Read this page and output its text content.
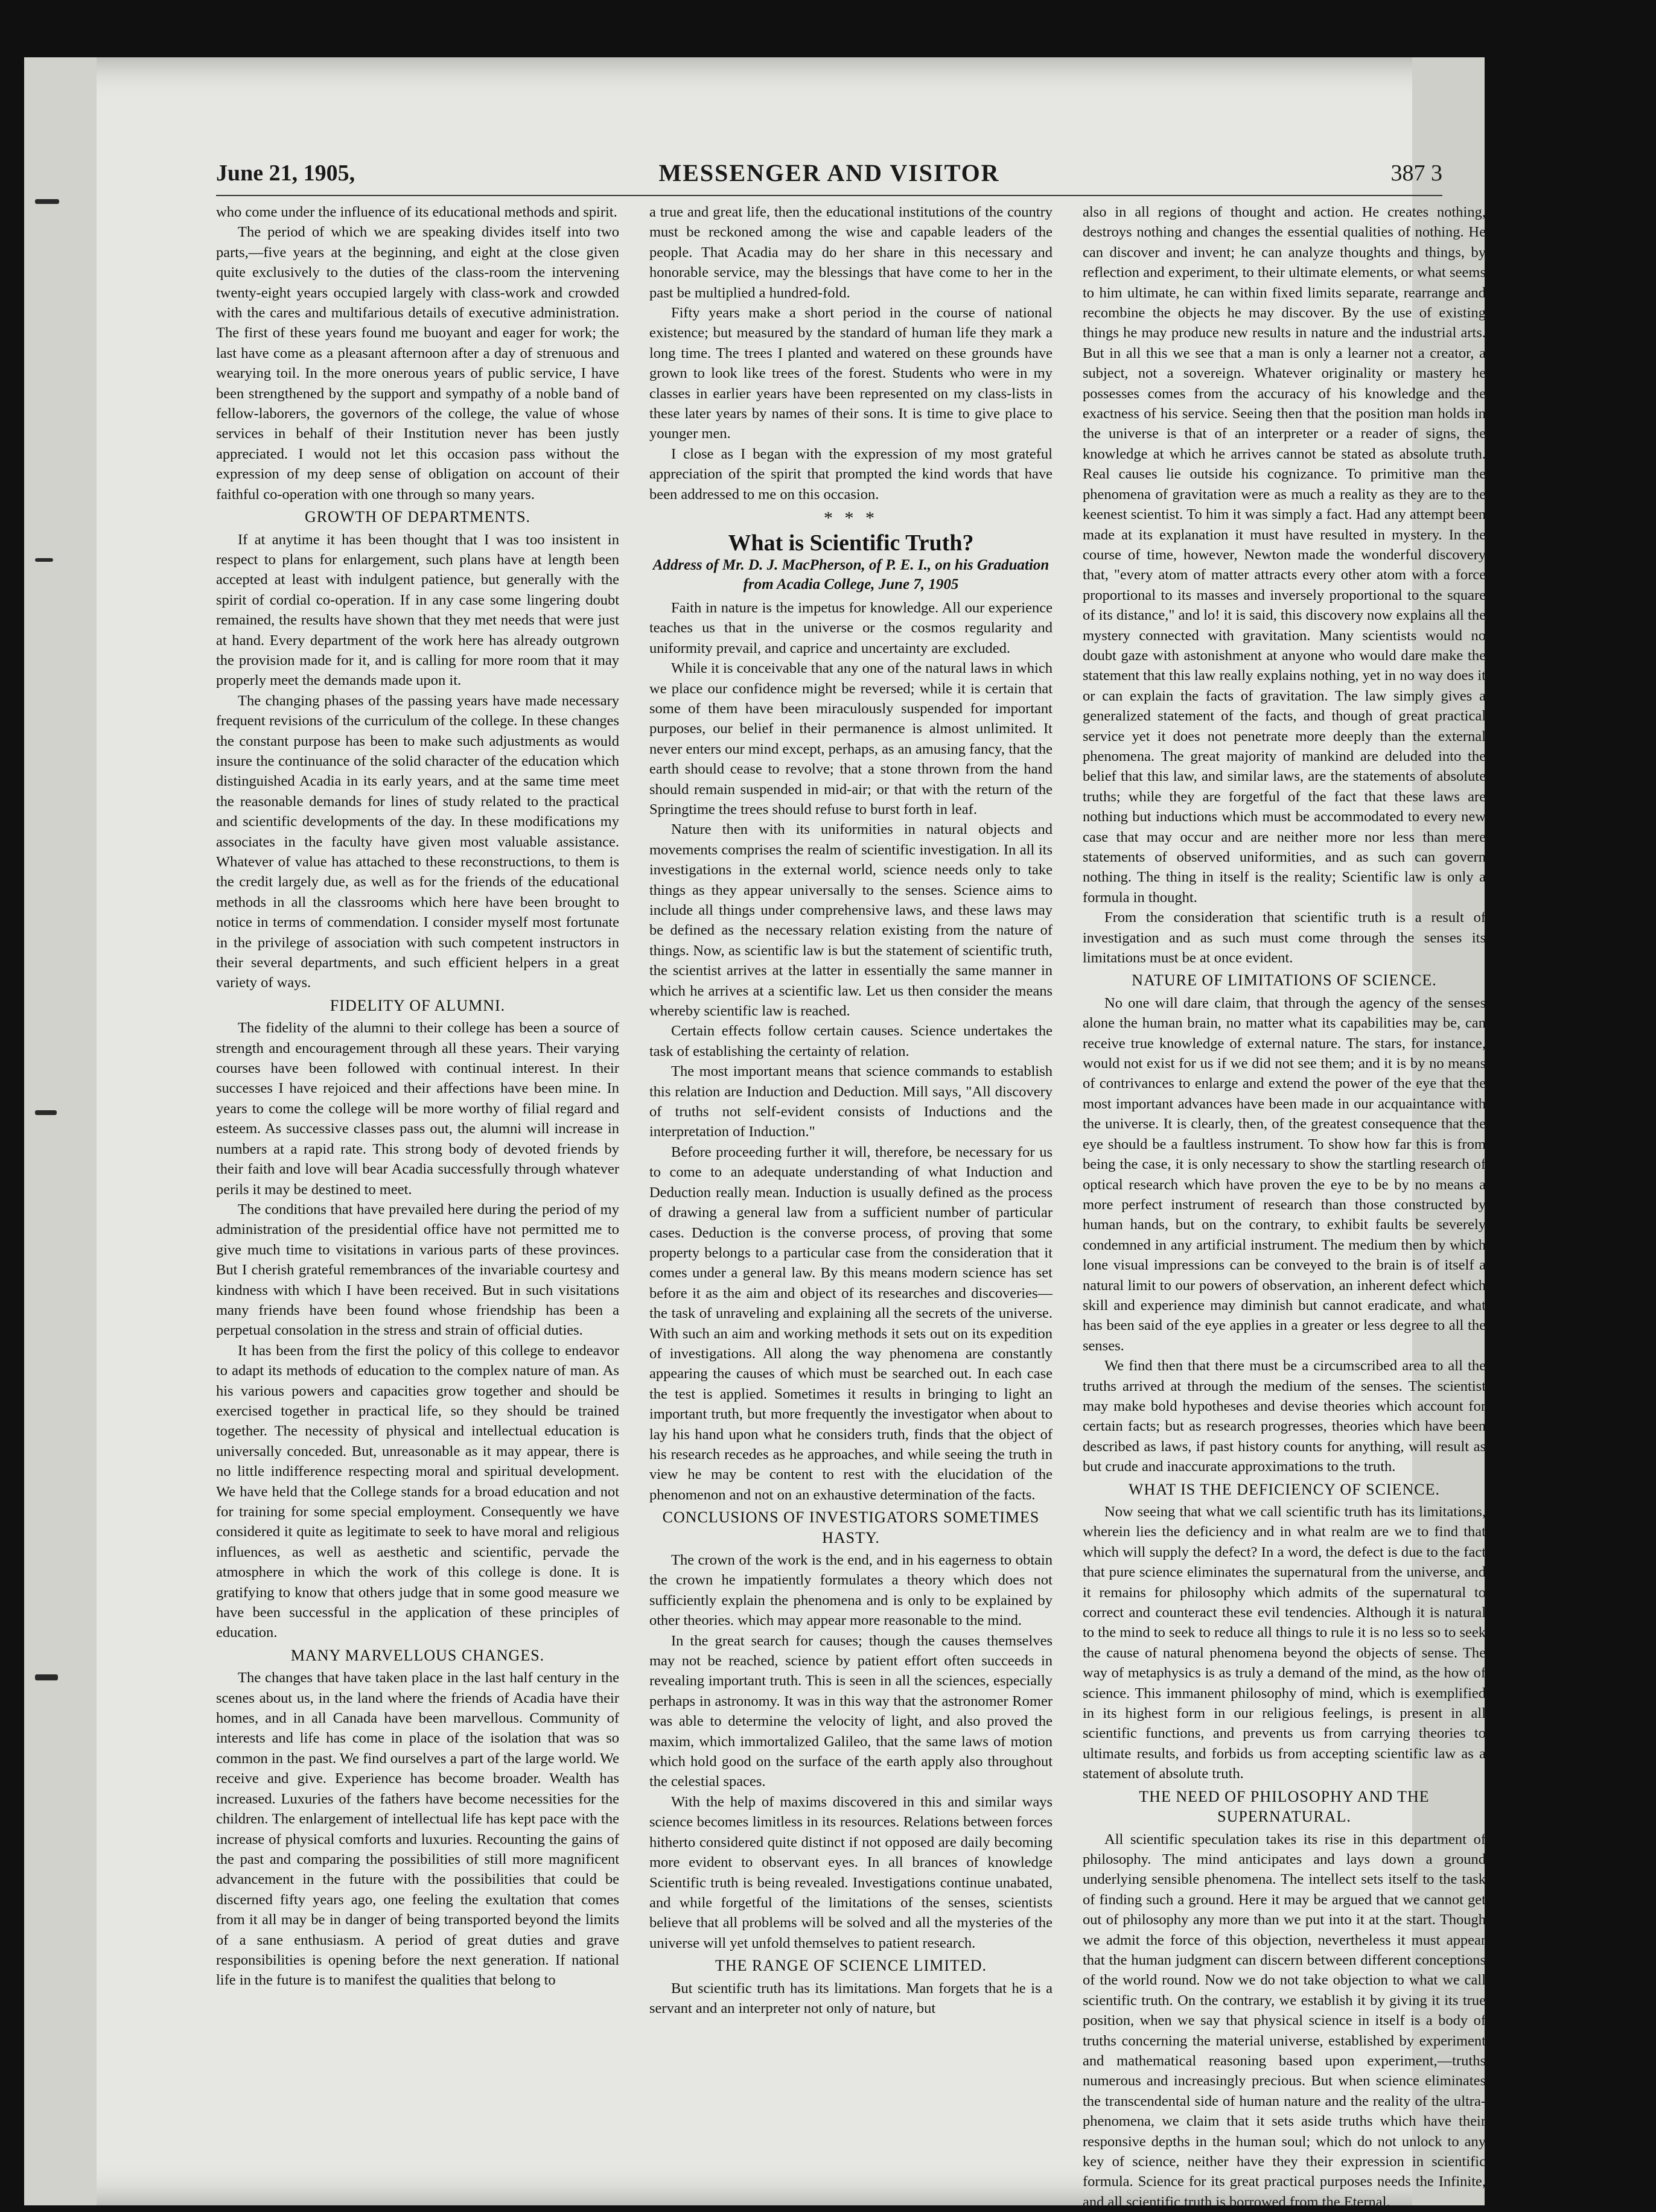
June 21, 1905,	MESSENGER AND VISITOR	387 3

who come under the influence of its educational methods and spirit.

The period of which we are speaking divides itself into two parts,—five years at the beginning, and eight at the close given quite exclusively to the duties of the class-room the intervening twenty-eight years occupied largely with class-work and crowded with the cares and multifarious details of executive administration. The first of these years found me buoyant and eager for work; the last have come as a pleasant afternoon after a day of strenuous and wearying toil. In the more onerous years of public service, I have been strengthened by the support and sympathy of a noble band of fellow-laborers, the governors of the college, the value of whose services in behalf of their Institution never has been justly appreciated. I would not let this occasion pass without the expression of my deep sense of obligation on account of their faithful co-operation with one through so many years.

GROWTH OF DEPARTMENTS.

If at anytime it has been thought that I was too insistent in respect to plans for enlargement, such plans have at length been accepted at least with indulgent patience, but generally with the spirit of cordial co-operation. If in any case some lingering doubt remained, the results have shown that they met needs that were just at hand. Every department of the work here has already outgrown the provision made for it, and is calling for more room that it may properly meet the demands made upon it.

The changing phases of the passing years have made necessary frequent revisions of the curriculum of the college. In these changes the constant purpose has been to make such adjustments as would insure the continuance of the solid character of the education which distinguished Acadia in its early years, and at the same time meet the reasonable demands for lines of study related to the practical and scientific developments of the day. In these modifications my associates in the faculty have given most valuable assistance. Whatever of value has attached to these reconstructions, to them is the credit largely due, as well as for the friends of the educational methods in all the classrooms which here have been brought to notice in terms of commendation. I consider myself most fortunate in the privilege of association with such competent instructors in their several departments, and such efficient helpers in a great variety of ways.

FIDELITY OF ALUMNI.

The fidelity of the alumni to their college has been a source of strength and encouragement through all these years. Their varying courses have been followed with continual interest. In their successes I have rejoiced and their affections have been mine. In years to come the college will be more worthy of filial regard and esteem. As successive classes pass out, the alumni will increase in numbers at a rapid rate. This strong body of devoted friends by their faith and love will bear Acadia successfully through whatever perils it may be destined to meet.

The conditions that have prevailed here during the period of my administration of the presidential office have not permitted me to give much time to visitations in various parts of these provinces. But I cherish grateful remembrances of the invariable courtesy and kindness with which I have been received. But in such visitations many friends have been found whose friendship has been a perpetual consolation in the stress and strain of official duties.

It has been from the first the policy of this college to endeavor to adapt its methods of education to the complex nature of man. As his various powers and capacities grow together and should be exercised together in practical life, so they should be trained together. The necessity of physical and intellectual education is universally conceded. But, unreasonable as it may appear, there is no little indifference respecting moral and spiritual development. We have held that the College stands for a broad education and not for training for some special employment. Consequently we have considered it quite as legitimate to seek to have moral and religious influences, as well as aesthetic and scientific, pervade the atmosphere in which the work of this college is done. It is gratifying to know that others judge that in some good measure we have been successful in the application of these principles of education.

MANY MARVELLOUS CHANGES.

The changes that have taken place in the last half century in the scenes about us, in the land where the friends of Acadia have their homes, and in all Canada have been marvellous. Community of interests and life has come in place of the isolation that was so common in the past. We find ourselves a part of the large world. We receive and give. Experience has become broader. Wealth has increased. Luxuries of the fathers have become necessities for the children. The enlargement of intellectual life has kept pace with the increase of physical comforts and luxuries. Recounting the gains of the past and comparing the possibilities of still more magnificent advancement in the future with the possibilities that could be discerned fifty years ago, one feeling the exultation that comes from it all may be in danger of being transported beyond the limits of a sane enthusiasm. A period of great duties and grave responsibilities is opening before the next generation. If national life in the future is to manifest the qualities that belong to

a true and great life, then the educational institutions of the country must be reckoned among the wise and capable leaders of the people. That Acadia may do her share in this necessary and honorable service, may the blessings that have come to her in the past be multiplied a hundred-fold.

Fifty years make a short period in the course of national existence; but measured by the standard of human life they mark a long time. The trees I planted and watered on these grounds have grown to look like trees of the forest. Students who were in my classes in earlier years have been represented on my class-lists in these later years by names of their sons. It is time to give place to younger men.

I close as I began with the expression of my most grateful appreciation of the spirit that prompted the kind words that have been addressed to me on this occasion.

* * *
What is Scientific Truth?
Address of Mr. D. J. MacPherson, of P. E. I., on his Graduation from Acadia College, June 7, 1905

Faith in nature is the impetus for knowledge. All our experience teaches us that in the universe or the cosmos regularity and uniformity prevail, and caprice and uncertainty are excluded.

While it is conceivable that any one of the natural laws in which we place our confidence might be reversed; while it is certain that some of them have been miraculously suspended for important purposes, our belief in their permanence is almost unlimited. It never enters our mind except, perhaps, as an amusing fancy, that the earth should cease to revolve; that a stone thrown from the hand should remain suspended in mid-air; or that with the return of the Springtime the trees should refuse to burst forth in leaf.

Nature then with its uniformities in natural objects and movements comprises the realm of scientific investigation. In all its investigations in the external world, science needs only to take things as they appear universally to the senses. Science aims to include all things under comprehensive laws, and these laws may be defined as the necessary relation existing from the nature of things. Now, as scientific law is but the statement of scientific truth, the scientist arrives at the latter in essentially the same manner in which he arrives at a scientific law. Let us then consider the means whereby scientific law is reached.

Certain effects follow certain causes. Science undertakes the task of establishing the certainty of relation.

The most important means that science commands to establish this relation are Induction and Deduction. Mill says, "All discovery of truths not self-evident consists of Inductions and the interpretation of Induction."

Before proceeding further it will, therefore, be necessary for us to come to an adequate understanding of what Induction and Deduction really mean. Induction is usually defined as the process of drawing a general law from a sufficient number of particular cases. Deduction is the converse process, of proving that some property belongs to a particular case from the consideration that it comes under a general law. By this means modern science has set before it as the aim and object of its researches and discoveries—the task of unraveling and explaining all the secrets of the universe. With such an aim and working methods it sets out on its expedition of investigations. All along the way phenomena are constantly appearing the causes of which must be searched out. In each case the test is applied. Sometimes it results in bringing to light an important truth, but more frequently the investigator when about to lay his hand upon what he considers truth, finds that the object of his research recedes as he approaches, and while seeing the truth in view he may be content to rest with the elucidation of the phenomenon and not on an exhaustive determination of the facts.

CONCLUSIONS OF INVESTIGATORS SOMETIMES HASTY.

The crown of the work is the end, and in his eagerness to obtain the crown he impatiently formulates a theory which does not sufficiently explain the phenomena and is only to be explained by other theories. which may appear more reasonable to the mind.

In the great search for causes; though the causes themselves may not be reached, science by patient effort often succeeds in revealing important truth. This is seen in all the sciences, especially perhaps in astronomy. It was in this way that the astronomer Romer was able to determine the velocity of light, and also proved the maxim, which immortalized Galileo, that the same laws of motion which hold good on the surface of the earth apply also throughout the celestial spaces.

With the help of maxims discovered in this and similar ways science becomes limitless in its resources. Relations between forces hitherto considered quite distinct if not opposed are daily becoming more evident to observant eyes. In all brances of knowledge Scientific truth is being revealed. Investigations continue unabated, and while forgetful of the limitations of the senses, scientists believe that all problems will be solved and all the mysteries of the universe will yet unfold themselves to patient research.

THE RANGE OF SCIENCE LIMITED.

But scientific truth has its limitations. Man forgets that he is a servant and an interpreter not only of nature, but

also in all regions of thought and action. He creates nothing, destroys nothing and changes the essential qualities of nothing. He can discover and invent; he can analyze thoughts and things, by reflection and experiment, to their ultimate elements, or what seems to him ultimate, he can within fixed limits separate, rearrange and recombine the objects he may discover. By the use of existing things he may produce new results in nature and the industrial arts. But in all this we see that a man is only a learner not a creator, a subject, not a sovereign. Whatever originality or mastery he possesses comes from the accuracy of his knowledge and the exactness of his service. Seeing then that the position man holds in the universe is that of an interpreter or a reader of signs, the knowledge at which he arrives cannot be stated as absolute truth. Real causes lie outside his cognizance. To primitive man the phenomena of gravitation were as much a reality as they are to the keenest scientist. To him it was simply a fact. Had any attempt been made at its explanation it must have resulted in mystery. In the course of time, however, Newton made the wonderful discovery that, "every atom of matter attracts every other atom with a force proportional to its masses and inversely proportional to the square of its distance," and lo! it is said, this discovery now explains all the mystery connected with gravitation. Many scientists would no doubt gaze with astonishment at anyone who would dare make the statement that this law really explains nothing, yet in no way does it or can explain the facts of gravitation. The law simply gives a generalized statement of the facts, and though of great practical service yet it does not penetrate more deeply than the external phenomena. The great majority of mankind are deluded into the belief that this law, and similar laws, are the statements of absolute truths; while they are forgetful of the fact that these laws are nothing but inductions which must be accommodated to every new case that may occur and are neither more nor less than mere statements of observed uniformities, and as such can govern nothing. The thing in itself is the reality; Scientific law is only a formula in thought.

From the consideration that scientific truth is a result of investigation and as such must come through the senses its limitations must be at once evident.

NATURE OF LIMITATIONS OF SCIENCE.

No one will dare claim, that through the agency of the senses alone the human brain, no matter what its capabilities may be, can receive true knowledge of external nature. The stars, for instance, would not exist for us if we did not see them; and it is by no means of contrivances to enlarge and extend the power of the eye that the most important advances have been made in our acquaintance with the universe. It is clearly, then, of the greatest consequence that the eye should be a faultless instrument. To show how far this is from being the case, it is only necessary to show the startling research of optical research which have proven the eye to be by no means a more perfect instrument of research than those constructed by human hands, but on the contrary, to exhibit faults be severely condemned in any artificial instrument. The medium then by which lone visual impressions can be conveyed to the brain is of itself a natural limit to our powers of observation, an inherent defect which skill and experience may diminish but cannot eradicate, and what has been said of the eye applies in a greater or less degree to all the senses.

We find then that there must be a circumscribed area to all the truths arrived at through the medium of the senses. The scientist may make bold hypotheses and devise theories which account for certain facts; but as research progresses, theories which have been described as laws, if past history counts for anything, will result as but crude and inaccurate approximations to the truth.

WHAT IS THE DEFICIENCY OF SCIENCE.

Now seeing that what we call scientific truth has its limitations, wherein lies the deficiency and in what realm are we to find that which will supply the defect? In a word, the defect is due to the fact that pure science eliminates the supernatural from the universe, and it remains for philosophy which admits of the supernatural to correct and counteract these evil tendencies. Although it is natural to the mind to seek to reduce all things to rule it is no less so to seek the cause of natural phenomena beyond the objects of sense. The way of metaphysics is as truly a demand of the mind, as the how of science. This immanent philosophy of mind, which is exemplified in its highest form in our religious feelings, is present in all scientific functions, and prevents us from carrying theories to ultimate results, and forbids us from accepting scientific law as a statement of absolute truth.

THE NEED OF PHILOSOPHY AND THE SUPERNATURAL.

All scientific speculation takes its rise in this department of philosophy. The mind anticipates and lays down a ground underlying sensible phenomena. The intellect sets itself to the task of finding such a ground. Here it may be argued that we cannot get out of philosophy any more than we put into it at the start. Though we admit the force of this objection, nevertheless it must appear that the human judgment can discern between different conceptions of the world round. Now we do not take objection to what we call scientific truth. On the contrary, we establish it by giving it its true position, when we say that physical science in itself is a body of truths concerning the material universe, established by experiment and mathematical reasoning based upon experiment,—truths numerous and increasingly precious. But when science eliminates the transcendental side of human nature and the reality of the ultra-phenomena, we claim that it sets aside truths which have their responsive depths in the human soul; which do not unlock to any key of science, neither have they their expression in scientific formula. Science for its great practical purposes needs the Infinite, and all scientific truth is borrowed from the Eternal.
